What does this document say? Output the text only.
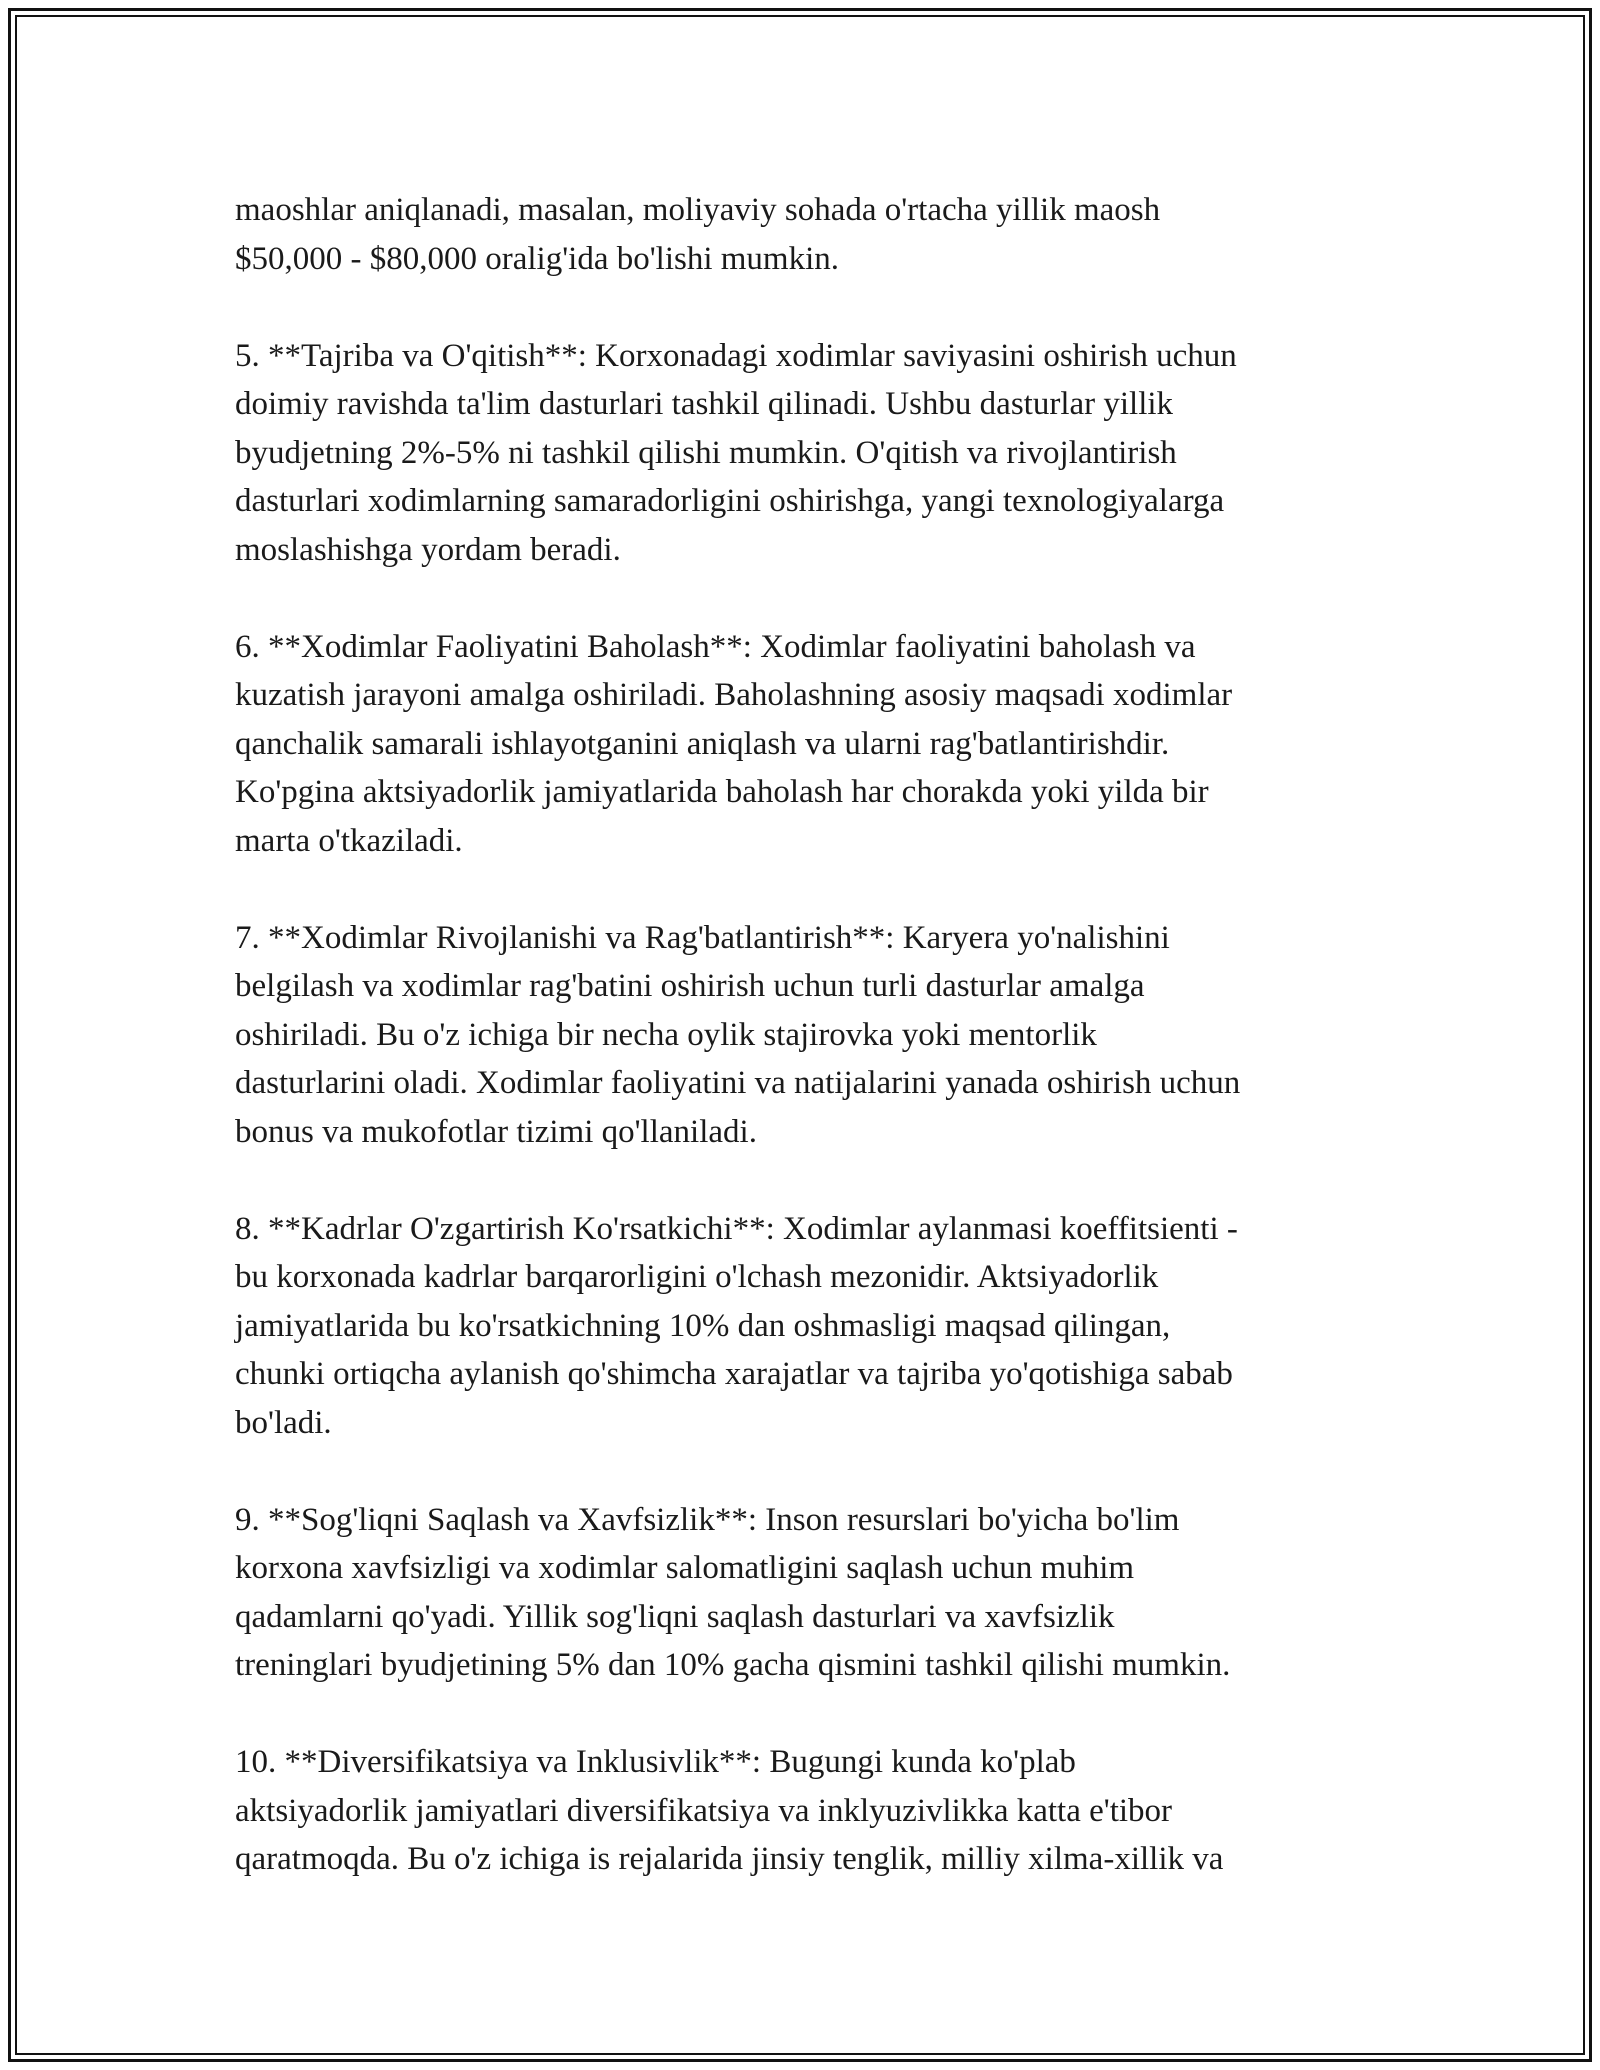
maoshlar aniqlanadi, masalan, moliyaviy sohada o'rtacha yillik maosh
$50,000 - $80,000 oralig'ida bo'lishi mumkin.
5. **Tajriba va O'qitish**: Korxonadagi xodimlar saviyasini oshirish uchun
doimiy ravishda ta'lim dasturlari tashkil qilinadi. Ushbu dasturlar yillik
byudjetning 2%-5% ni tashkil qilishi mumkin. O'qitish va rivojlantirish
dasturlari xodimlarning samaradorligini oshirishga, yangi texnologiyalarga
moslashishga yordam beradi.
6. **Xodimlar Faoliyatini Baholash**: Xodimlar faoliyatini baholash va
kuzatish jarayoni amalga oshiriladi. Baholashning asosiy maqsadi xodimlar
qanchalik samarali ishlayotganini aniqlash va ularni rag'batlantirishdir.
Ko'pgina aktsiyadorlik jamiyatlarida baholash har chorakda yoki yilda bir
marta o'tkaziladi.
7. **Xodimlar Rivojlanishi va Rag'batlantirish**: Karyera yo'nalishini
belgilash va xodimlar rag'batini oshirish uchun turli dasturlar amalga
oshiriladi. Bu o'z ichiga bir necha oylik stajirovka yoki mentorlik
dasturlarini oladi. Xodimlar faoliyatini va natijalarini yanada oshirish uchun
bonus va mukofotlar tizimi qo'llaniladi.
8. **Kadrlar O'zgartirish Ko'rsatkichi**: Xodimlar aylanmasi koeffitsienti -
bu korxonada kadrlar barqarorligini o'lchash mezonidir. Aktsiyadorlik
jamiyatlarida bu ko'rsatkichning 10% dan oshmasligi maqsad qilingan,
chunki ortiqcha aylanish qo'shimcha xarajatlar va tajriba yo'qotishiga sabab
bo'ladi.
9. **Sog'liqni Saqlash va Xavfsizlik**: Inson resurslari bo'yicha bo'lim
korxona xavfsizligi va xodimlar salomatligini saqlash uchun muhim
qadamlarni qo'yadi. Yillik sog'liqni saqlash dasturlari va xavfsizlik
treninglari byudjetining 5% dan 10% gacha qismini tashkil qilishi mumkin.
10. **Diversifikatsiya va Inklusivlik**: Bugungi kunda ko'plab
aktsiyadorlik jamiyatlari diversifikatsiya va inklyuzivlikka katta e'tibor
qaratmoqda. Bu o'z ichiga is rejalarida jinsiy tenglik, milliy xilma-xillik va
